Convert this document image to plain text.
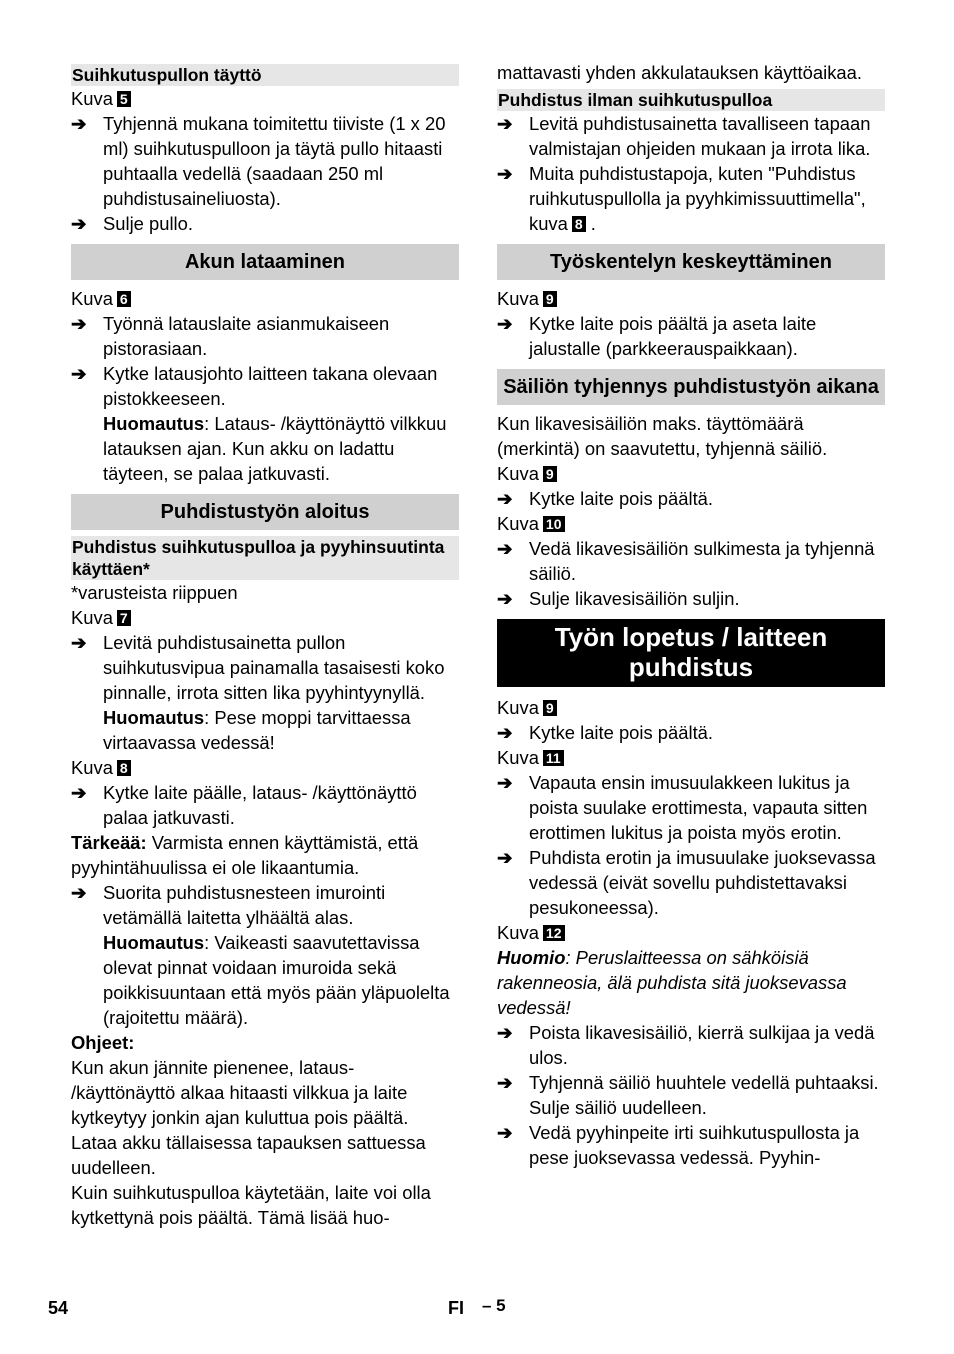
Suihkutuspullon täyttö

Kuva 5

➔ Tyhjennä mukana toimitettu tiiviste (1 x 20 ml) suihkutuspulloon ja täytä pullo hitaasti puhtaalla vedellä (saadaan 250 ml puhdistusaineliuosta).
➔ Sulje pullo.
Akun lataaminen

Kuva 6

➔ Työnnä latauslaite asianmukaiseen pistorasiaan.
➔ Kytke latausjohto laitteen takana olevaan pistokkeeseen.
Huomautus: Lataus- /käyttönäyttö vilkkuu latauksen ajan. Kun akku on ladattu täyteen, se palaa jatkuvasti.
Puhdistustyön aloitus
Puhdistus suihkutuspulloa ja pyyhinsuutinta käyttäen*

*varusteista riippuen

Kuva 7

➔ Levitä puhdistusainetta pullon suihkutusvipua painamalla tasaisesti koko pinnalle, irrota sitten lika pyyhintyynyllä.
Huomautus: Pese moppi tarvittaessa virtaavassa vedessä!

Kuva 8

➔ Kytke laite päälle, lataus- /käyttönäyttö palaa jatkuvasti.

Tärkeää: Varmista ennen käyttämistä, että pyyhintähuulissa ei ole likaantumia.

➔ Suorita puhdistusnesteen imurointi vetämällä laitetta ylhäältä alas.
Huomautus: Vaikeasti saavutettavissa olevat pinnat voidaan imuroida sekä poikkisuuntaan että myös pään yläpuolelta (rajoitettu määrä).

Ohjeet:

Kun akun jännite pienenee, lataus- /käyttönäyttö alkaa hitaasti vilkkua ja laite kytkeytyy jonkin ajan kuluttua pois päältä. Lataa akku tällaisessa tapauksen sattuessa uudelleen.

Kuin suihkutuspulloa käytetään, laite voi olla kytkettynä pois päältä. Tämä lisää huo-

mattavasti yhden akkulatauksen käyttöaikaa.

Puhdistus ilman suihkutuspulloa
➔ Levitä puhdistusainetta tavalliseen tapaan valmistajan ohjeiden mukaan ja irrota lika.
➔ Muita puhdistustapoja, kuten "Puhdistus ruihkutuspullolla ja pyyhkimissuuttimella", kuva 8 .
Työskentelyn keskeyttäminen

Kuva 9

➔ Kytke laite pois päältä ja aseta laite jalustalle (parkkeerauspaikkaan).
Säiliön tyhjennys puhdistustyön aikana

Kun likavesisäiliön maks. täyttömäärä (merkintä) on saavutettu, tyhjennä säiliö.

Kuva 9

➔ Kytke laite pois päältä.

Kuva 10

➔ Vedä likavesisäiliön sulkimesta ja tyhjennä säiliö.
➔ Sulje likavesisäiliön suljin.
Työn lopetus / laitteen puhdistus

Kuva 9

➔ Kytke laite pois päältä.

Kuva 11

➔ Vapauta ensin imusuulakkeen lukitus ja poista suulake erottimesta, vapauta sitten erottimen lukitus ja poista myös erotin.
➔ Puhdista erotin ja imusuulake juoksevassa vedessä (eivät sovellu puhdistettavaksi pesukoneessa).

Kuva 12

Huomio: Peruslaitteessa on sähköisiä rakenneosia, älä puhdista sitä juoksevassa vedessä!

➔ Poista likavesisäiliö, kierrä sulkijaa ja vedä ulos.
➔ Tyhjennä säiliö huuhtele vedellä puhtaaksi. Sulje säiliö uudelleen.
➔ Vedä pyyhinpeite irti suihkutuspullosta ja pese juoksevassa vedessä. Pyyhin-
54	FI – 5
